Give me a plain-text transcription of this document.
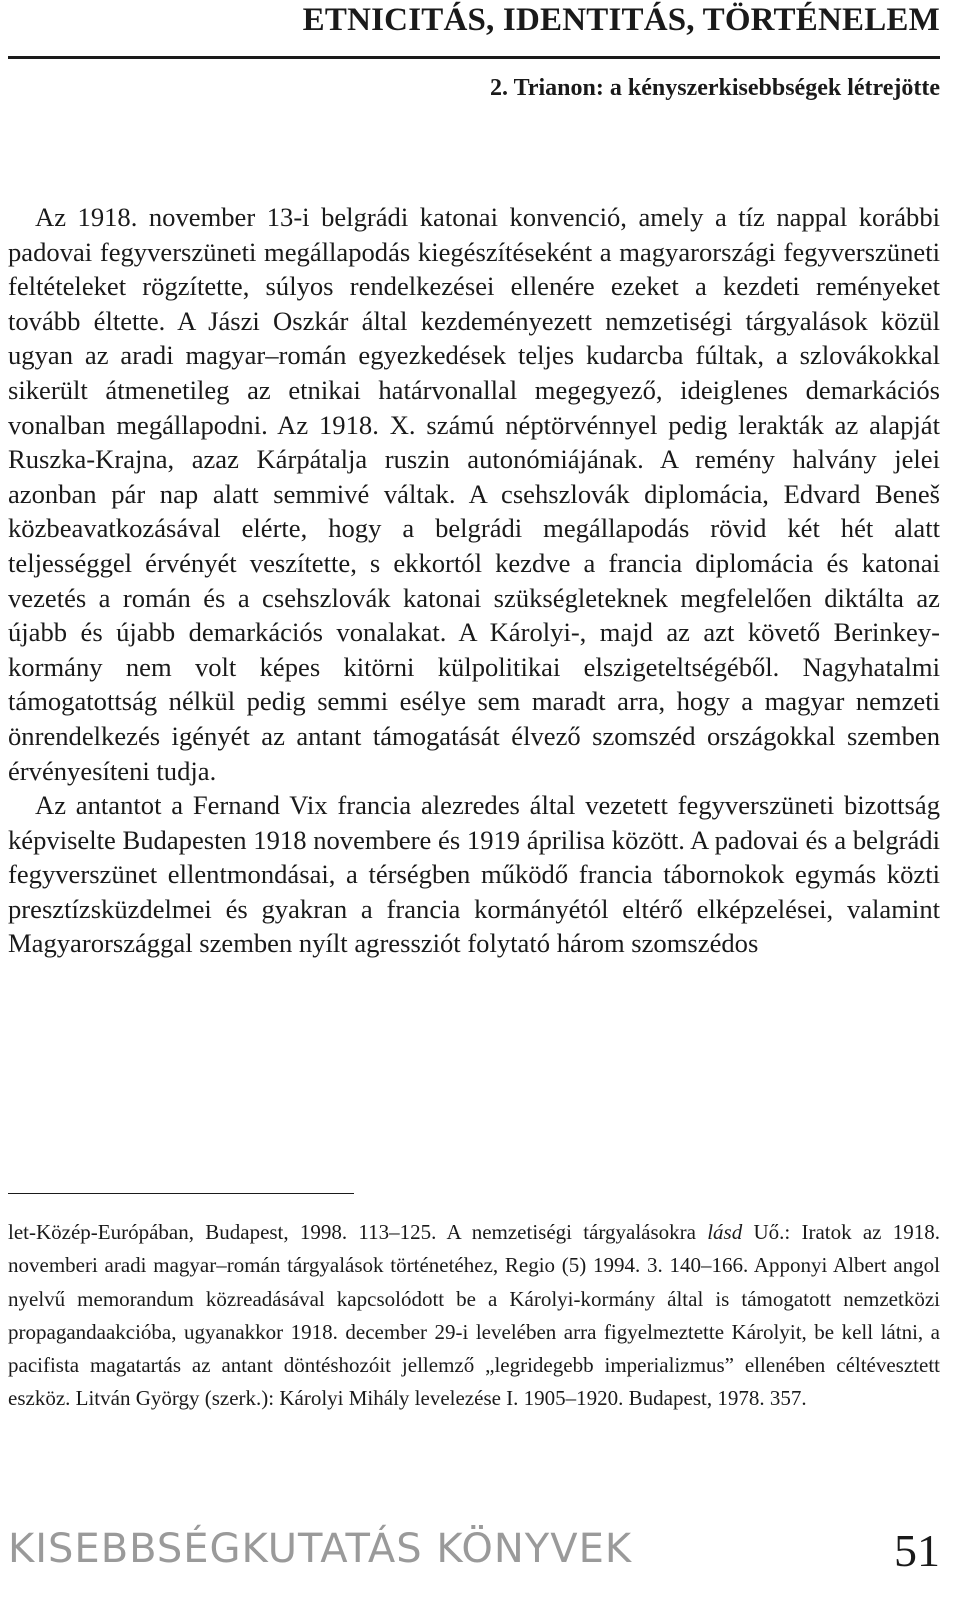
ETNICITÁS, IDENTITÁS, TÖRTÉNELEM
2. Trianon: a kényszerkisebbségek létrejötte

Az 1918. november 13-i belgrádi katonai konvenció, amely a tíz nappal korábbi padovai fegyverszüneti megállapodás kiegészítéseként a magyarországi fegyverszüneti feltételeket rögzítette, súlyos rendelkezései ellenére ezeket a kezdeti reményeket tovább éltette. A Jászi Oszkár által kezdeményezett nemzetiségi tárgyalások közül ugyan az aradi magyar–román egyezkedések teljes kudarcba fúltak, a szlovákokkal sikerült átmenetileg az etnikai határvonallal megegyező, ideiglenes demarkációs vonalban megállapodni. Az 1918. X. számú néptörvénnyel pedig lerakták az alapját Ruszka-Krajna, azaz Kárpátalja ruszin autonómiájának. A remény halvány jelei azonban pár nap alatt semmivé váltak. A csehszlovák diplomácia, Edvard Beneš közbeavatkozásával elérte, hogy a belgrádi megállapodás rövid két hét alatt teljességgel érvényét veszítette, s ekkortól kezdve a francia diplomácia és katonai vezetés a román és a csehszlovák katonai szükségleteknek megfelelően diktálta az újabb és újabb demarkációs vonalakat. A Károlyi-, majd az azt követő Berinkey-kormány nem volt képes kitörni külpolitikai elszigeteltségéből. Nagyhatalmi támogatottság nélkül pedig semmi esélye sem maradt arra, hogy a magyar nemzeti önrendelkezés igényét az antant támogatását élvező szomszéd országokkal szemben érvényesíteni tudja.

Az antantot a Fernand Vix francia alezredes által vezetett fegyverszüneti bizottság képviselte Budapesten 1918 novembere és 1919 áprilisa között. A padovai és a belgrádi fegyverszünet ellentmondásai, a térségben működő francia tábornokok egymás közti presztízsküzdelmei és gyakran a francia kormányétól eltérő elképzelései, valamint Magyarországgal szemben nyílt agressziót folytató három szomszédos

let-Közép-Európában, Budapest, 1998. 113–125. A nemzetiségi tárgyalásokra lásd Uő.: Iratok az 1918. novemberi aradi magyar–román tárgyalások történetéhez, Regio (5) 1994. 3. 140–166. Apponyi Albert angol nyelvű memorandum közreadásával kapcsolódott be a Károlyi-kormány által is támogatott nemzetközi propagandaakcióba, ugyanakkor 1918. december 29-i levelében arra figyelmeztette Károlyit, be kell látni, a pacifista magatartás az antant döntéshozóit jellemző „legridegebb imperializmus” ellenében céltévesztett eszköz. Litván György (szerk.): Károlyi Mihály levelezése I. 1905–1920. Budapest, 1978. 357.

KISEBBSÉGKUTATÁS KÖNYVEK	51
